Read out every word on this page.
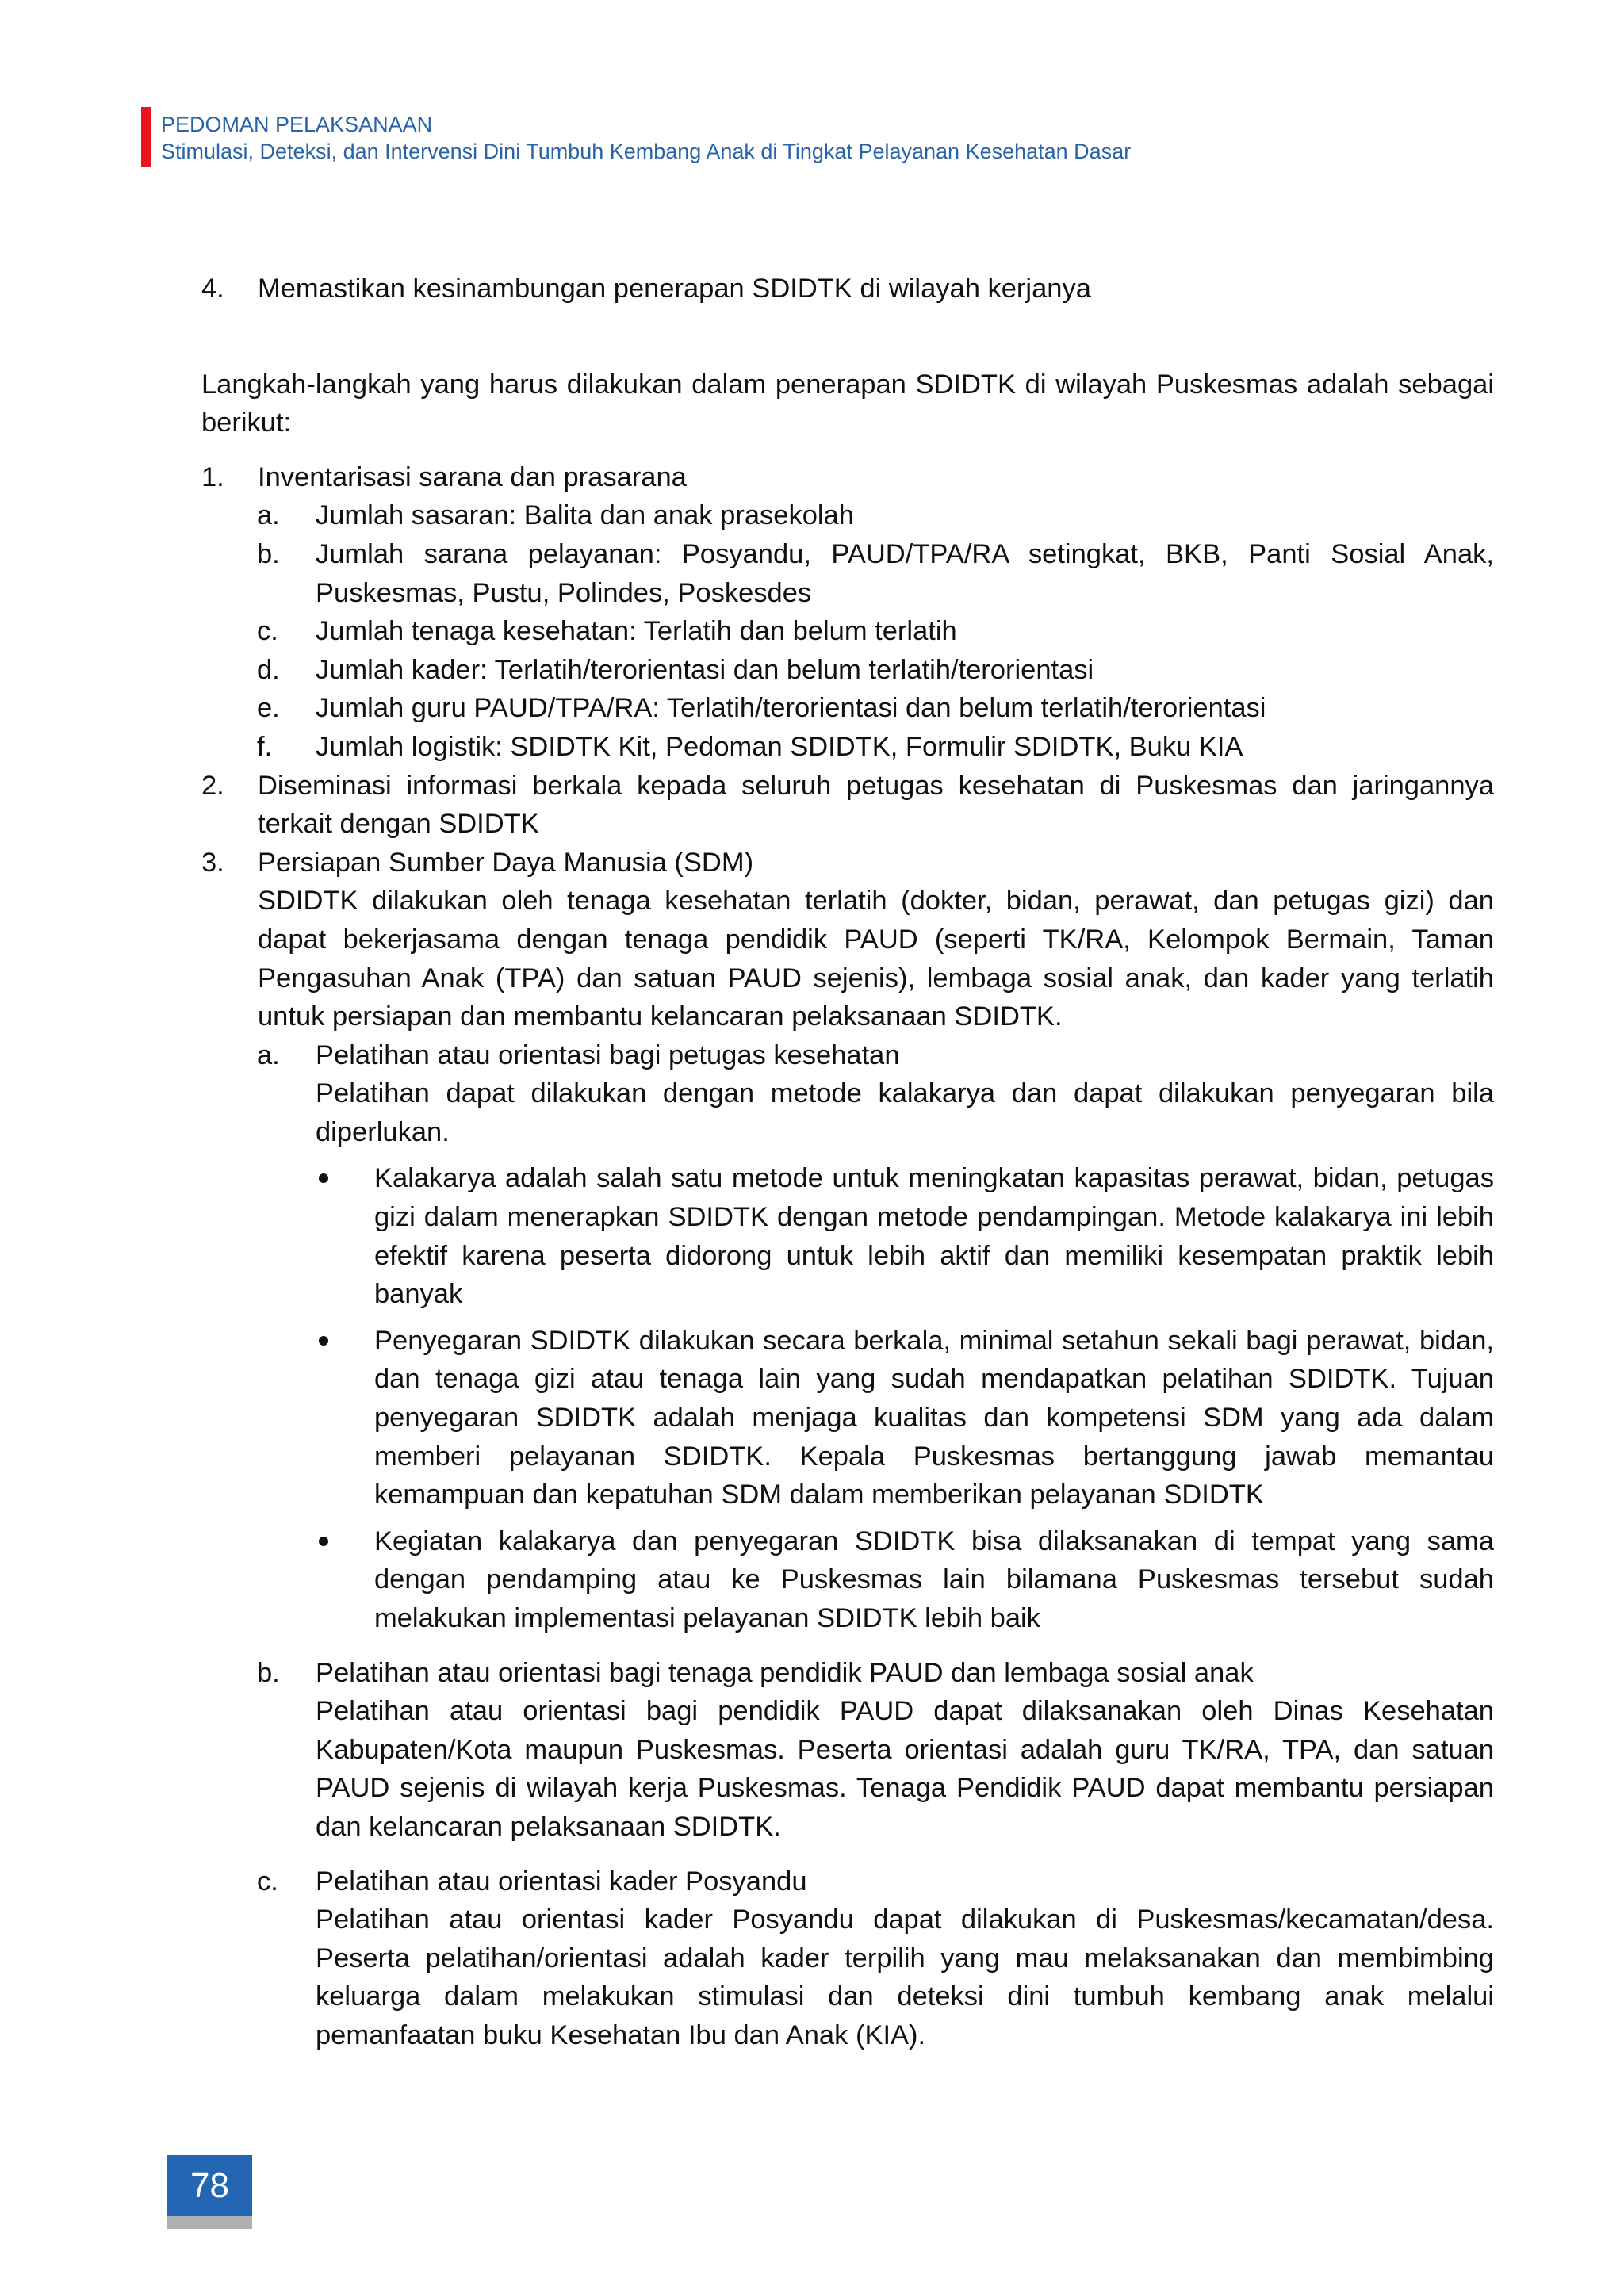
PEDOMAN PELAKSANAAN
Stimulasi, Deteksi, dan Intervensi Dini Tumbuh Kembang Anak di Tingkat Pelayanan Kesehatan Dasar
4. Memastikan kesinambungan penerapan SDIDTK di wilayah kerjanya

Langkah-langkah yang harus dilakukan dalam penerapan SDIDTK di wilayah Puskesmas adalah sebagai berikut:

1. Inventarisasi sarana dan prasarana
a. Jumlah sasaran: Balita dan anak prasekolah
b. Jumlah sarana pelayanan: Posyandu, PAUD/TPA/RA setingkat, BKB, Panti Sosial Anak, Puskesmas, Pustu, Polindes, Poskesdes
c. Jumlah tenaga kesehatan: Terlatih dan belum terlatih
d. Jumlah kader: Terlatih/terorientasi dan belum terlatih/terorientasi
e. Jumlah guru PAUD/TPA/RA: Terlatih/terorientasi dan belum terlatih/terorientasi
f. Jumlah logistik: SDIDTK Kit, Pedoman SDIDTK, Formulir SDIDTK, Buku KIA
2. Diseminasi informasi berkala kepada seluruh petugas kesehatan di Puskesmas dan jaringannya terkait dengan SDIDTK
3. Persiapan Sumber Daya Manusia (SDM)
SDIDTK dilakukan oleh tenaga kesehatan terlatih (dokter, bidan, perawat, dan petugas gizi) dan dapat bekerjasama dengan tenaga pendidik PAUD (seperti TK/RA, Kelompok Bermain, Taman Pengasuhan Anak (TPA) dan satuan PAUD sejenis), lembaga sosial anak, dan kader yang terlatih untuk persiapan dan membantu kelancaran pelaksanaan SDIDTK.
a. Pelatihan atau orientasi bagi petugas kesehatan
Pelatihan dapat dilakukan dengan metode kalakarya dan dapat dilakukan penyegaran bila diperlukan.
Kalakarya adalah salah satu metode untuk meningkatan kapasitas perawat, bidan, petugas gizi dalam menerapkan SDIDTK dengan metode pendampingan. Metode kalakarya ini lebih efektif karena peserta didorong untuk lebih aktif dan memiliki kesempatan praktik lebih banyak
Penyegaran SDIDTK dilakukan secara berkala, minimal setahun sekali bagi perawat, bidan, dan tenaga gizi atau tenaga lain yang sudah mendapatkan pelatihan SDIDTK. Tujuan penyegaran SDIDTK adalah menjaga kualitas dan kompetensi SDM yang ada dalam memberi pelayanan SDIDTK. Kepala Puskesmas bertanggung jawab memantau kemampuan dan kepatuhan SDM dalam memberikan pelayanan SDIDTK
Kegiatan kalakarya dan penyegaran SDIDTK bisa dilaksanakan di tempat yang sama dengan pendamping atau ke Puskesmas lain bilamana Puskesmas tersebut sudah melakukan implementasi pelayanan SDIDTK lebih baik
b. Pelatihan atau orientasi bagi tenaga pendidik PAUD dan lembaga sosial anak
Pelatihan atau orientasi bagi pendidik PAUD dapat dilaksanakan oleh Dinas Kesehatan Kabupaten/Kota maupun Puskesmas. Peserta orientasi adalah guru TK/RA, TPA, dan satuan PAUD sejenis di wilayah kerja Puskesmas. Tenaga Pendidik PAUD dapat membantu persiapan dan kelancaran pelaksanaan SDIDTK.
c. Pelatihan atau orientasi kader Posyandu
Pelatihan atau orientasi kader Posyandu dapat dilakukan di Puskesmas/kecamatan/desa. Peserta pelatihan/orientasi adalah kader terpilih yang mau melaksanakan dan membimbing keluarga dalam melakukan stimulasi dan deteksi dini tumbuh kembang anak melalui pemanfaatan buku Kesehatan Ibu dan Anak (KIA).
78
